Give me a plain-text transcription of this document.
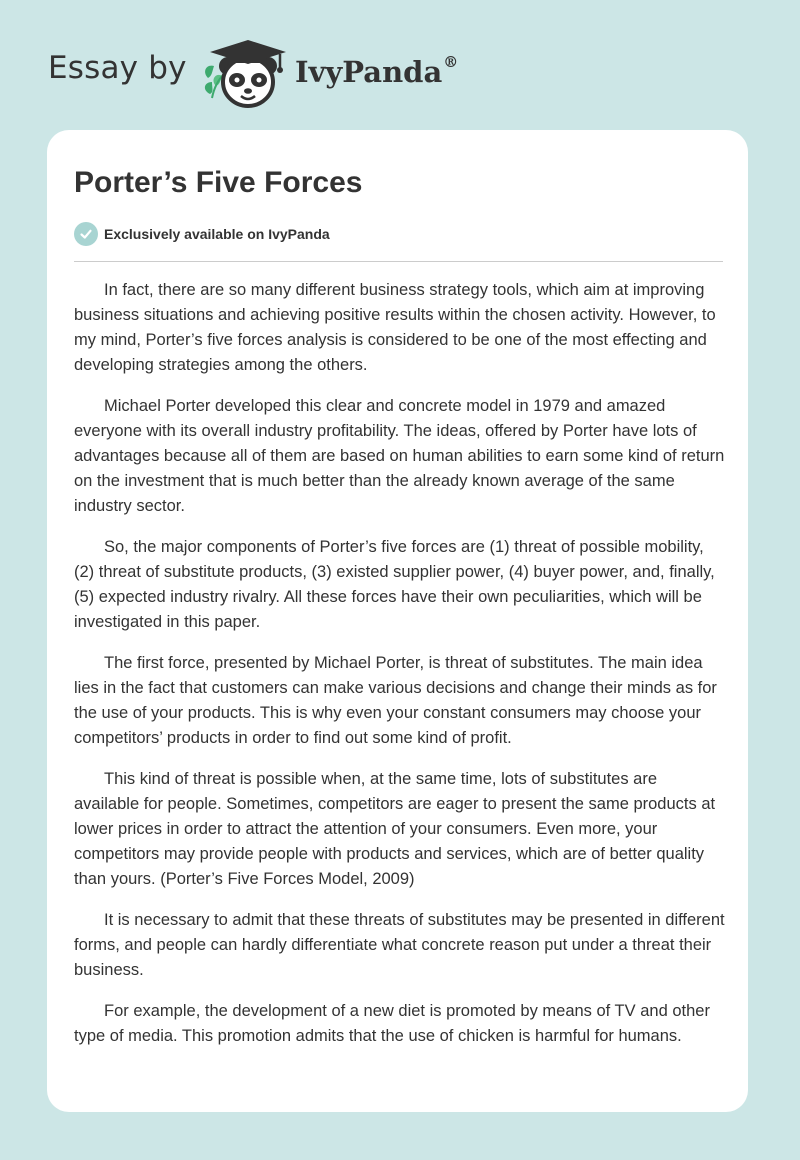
Essay by	IvyPanda®
Porter’s Five Forces
Exclusively available on IvyPanda

In fact, there are so many different business strategy tools, which aim at improving business situations and achieving positive results within the chosen activity. However, to my mind, Porter’s five forces analysis is considered to be one of the most effecting and developing strategies among the others.

Michael Porter developed this clear and concrete model in 1979 and amazed everyone with its overall industry profitability. The ideas, offered by Porter have lots of advantages because all of them are based on human abilities to earn some kind of return on the investment that is much better than the already known average of the same industry sector.

So, the major components of Porter’s five forces are (1) threat of possible mobility, (2) threat of substitute products, (3) existed supplier power, (4) buyer power, and, finally, (5) expected industry rivalry. All these forces have their own peculiarities, which will be investigated in this paper.

The first force, presented by Michael Porter, is threat of substitutes. The main idea lies in the fact that customers can make various decisions and change their minds as for the use of your products. This is why even your constant consumers may choose your competitors’ products in order to find out some kind of profit.

This kind of threat is possible when, at the same time, lots of substitutes are available for people. Sometimes, competitors are eager to present the same products at lower prices in order to attract the attention of your consumers. Even more, your competitors may provide people with products and services, which are of better quality than yours. (Porter’s Five Forces Model, 2009)

It is necessary to admit that these threats of substitutes may be presented in different forms, and people can hardly differentiate what concrete reason put under a threat their business.

For example, the development of a new diet is promoted by means of TV and other type of media. This promotion admits that the use of chicken is harmful for humans.
